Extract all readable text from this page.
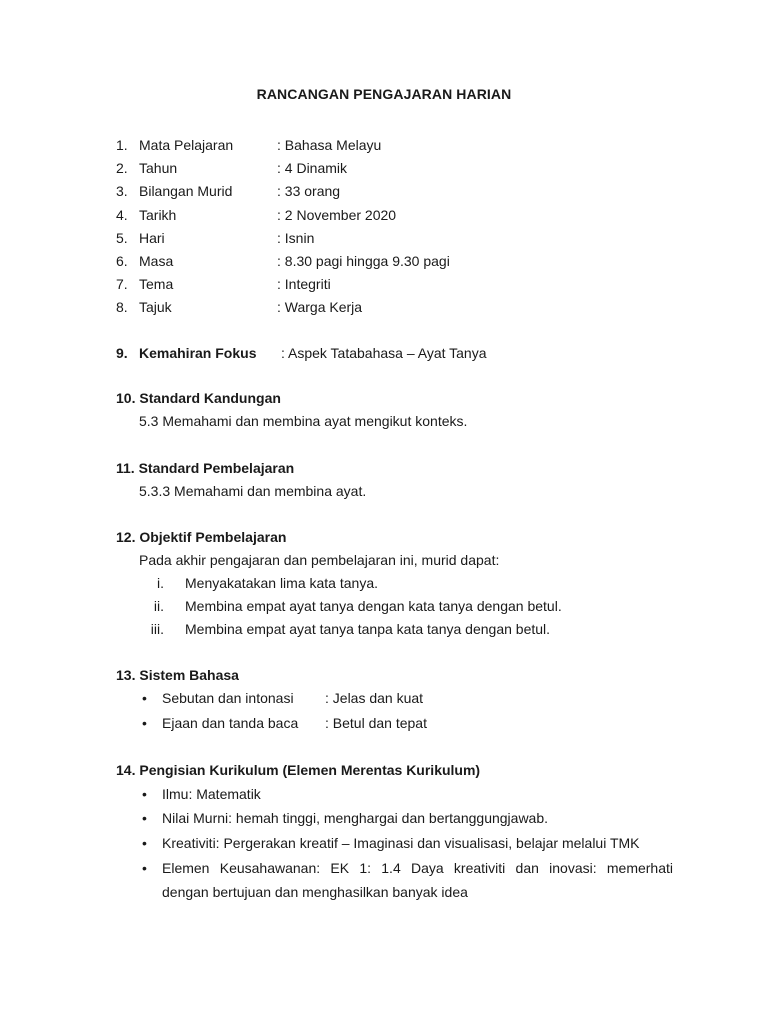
RANCANGAN PENGAJARAN HARIAN
1. Mata Pelajaran	: Bahasa Melayu
2. Tahun	: 4 Dinamik
3. Bilangan Murid	: 33 orang
4. Tarikh	: 2 November 2020
5. Hari	: Isnin
6. Masa	: 8.30 pagi hingga 9.30 pagi
7. Tema	: Integriti
8. Tajuk	: Warga Kerja
9. Kemahiran Fokus : Aspek Tatabahasa – Ayat Tanya
10. Standard Kandungan
5.3 Memahami dan membina ayat mengikut konteks.
11. Standard Pembelajaran
5.3.3 Memahami dan membina ayat.
12. Objektif Pembelajaran
Pada akhir pengajaran dan pembelajaran ini, murid dapat:
i. Menyakatakan lima kata tanya.
ii. Membina empat ayat tanya dengan kata tanya dengan betul.
iii. Membina empat ayat tanya tanpa kata tanya dengan betul.
13. Sistem Bahasa
• Sebutan dan intonasi : Jelas dan kuat
• Ejaan dan tanda baca : Betul dan tepat
14. Pengisian Kurikulum (Elemen Merentas Kurikulum)
• Ilmu: Matematik
• Nilai Murni: hemah tinggi, menghargai dan bertanggungjawab.
• Kreativiti: Pergerakan kreatif – Imaginasi dan visualisasi, belajar melalui TMK
• Elemen Keusahawanan: EK 1: 1.4 Daya kreativiti dan inovasi: memerhati
dengan bertujuan dan menghasilkan banyak idea
